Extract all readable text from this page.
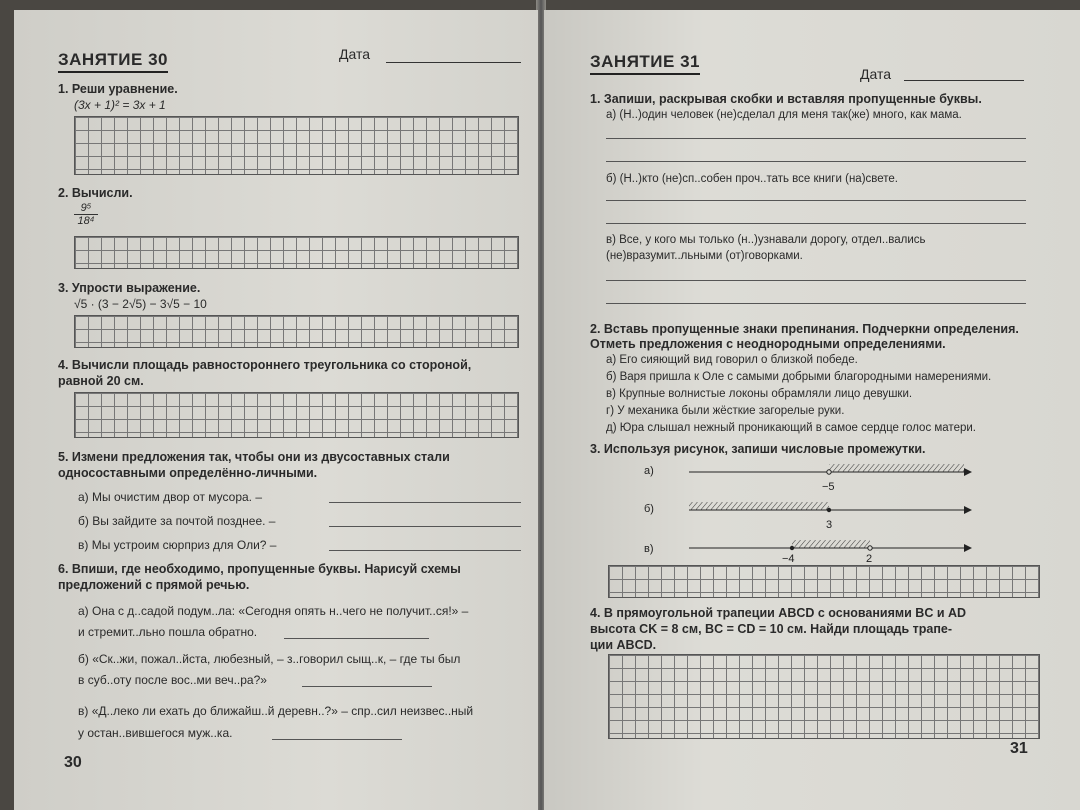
ЗАНЯТИЕ 30	Дата
1. Реши уравнение.
(3x + 1)² = 3x + 1
2. Вычисли.
$\frac{\text{9⁵}}{\text{18⁴}}$
3. Упрости выражение.
√5 · (3 − 2√5) − 3√5 − 10
4. Вычисли площадь равностороннего треугольника со стороной,
равной 20 см.
5. Измени предложения так, чтобы они из двусоставных стали
односоставными определённо-личными.
а) Мы очистим двор от мусора. –
б) Вы зайдите за почтой позднее. –
в) Мы устроим сюрприз для Оли? –
6. Впиши, где необходимо, пропущенные буквы. Нарисуй схемы
предложений с прямой речью.
а) Она с д..садой подум..ла: «Сегодня опять н..чего не получит..ся!» –
и стремит..льно пошла обратно.
б) «Ск..жи, пожал..йста, любезный, – з..говорил сыщ..к, – где ты был
в суб..оту после вос..ми веч..ра?»
в) «Д..леко ли ехать до ближайш..й деревн..?» – спр..сил неизвес..ный
у остан..вившегося муж..ка.
30
ЗАНЯТИЕ 31
Дата
1. Запиши, раскрывая скобки и вставляя пропущенные буквы.
а) (Н..)один человек (не)сделал для меня так(же) много, как мама.
б) (Н..)кто (не)сп..собен проч..тать все книги (на)свете.
в) Все, у кого мы только (н..)узнавали дорогу, отдел..вались
(не)вразумит..льными (от)говорками.
2. Вставь пропущенные знаки препинания. Подчеркни определения.
Отметь предложения с неоднородными определениями.
а) Его сияющий вид говорил о близкой победе.
б) Варя пришла к Оле с самыми добрыми благородными намерениями.
в) Крупные волнистые локоны обрамляли лицо девушки.
г) У механика были жёсткие загорелые руки.
д) Юра слышал нежный проникающий в самое сердце голос матери.
3. Используя рисунок, запиши числовые промежутки.
а)
−5
б)
3
в)
−4	2
4. В прямоугольной трапеции ABCD с основаниями BC и AD
высота CK = 8 см, BC = CD = 10 см. Найди площадь трапе-
ции ABCD.
31
